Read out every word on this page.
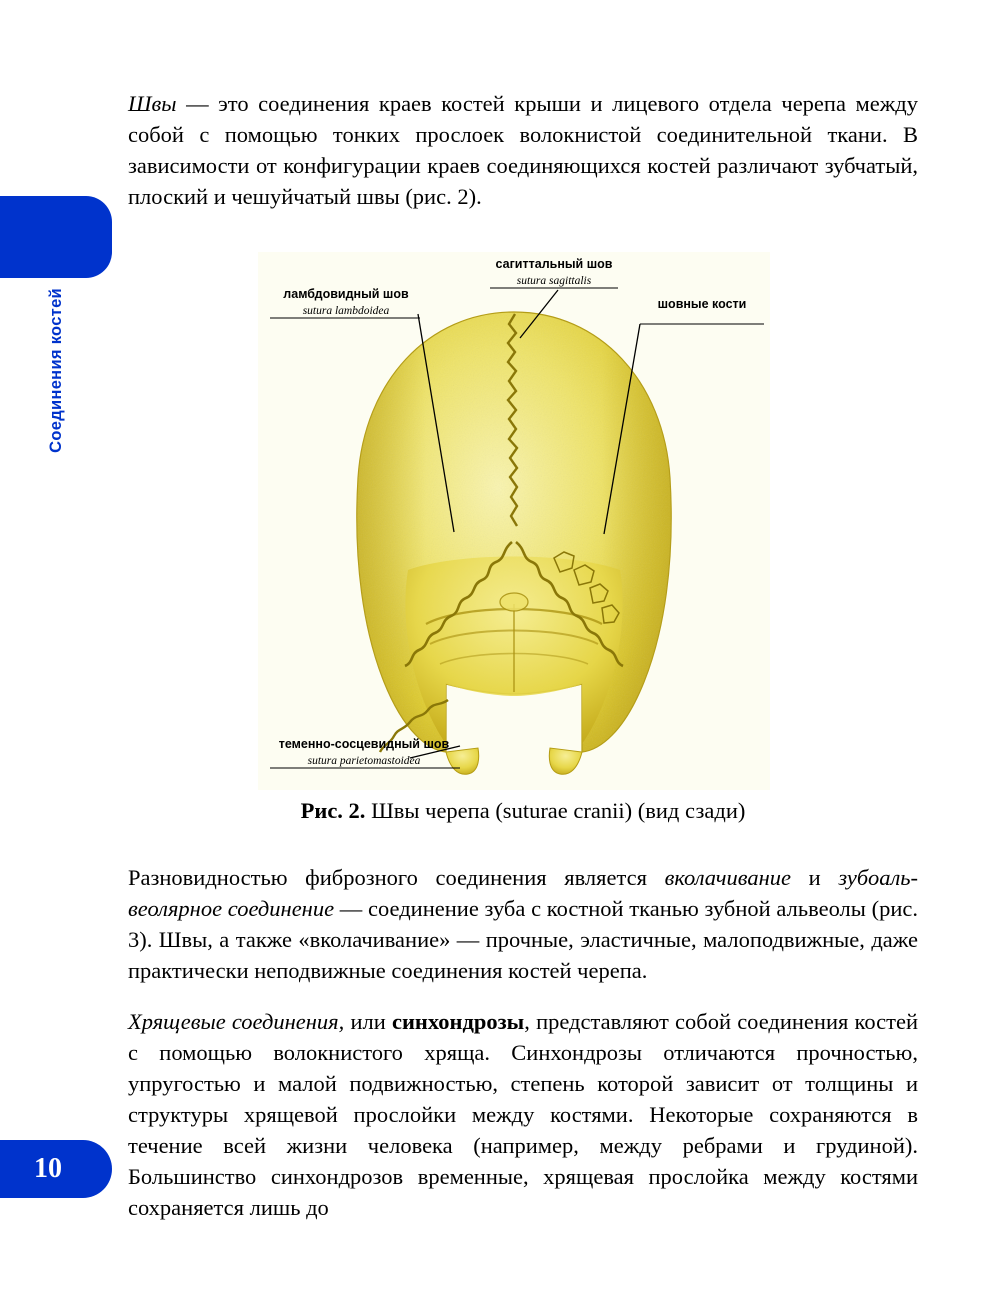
Соединения костей
10

Швы — это соединения краев костей крыши и лицевого отдела черепа между собой с помощью тонких прослоек волокнистой соединительной ткани. В зависимости от конфигурации краев соединяющихся костей различают зубчатый, плоский и чешуйчатый швы (рис. 2).

сагиттальный шов
sutura sagittalis
ламбдовидный шов
sutura lambdoidea	шовные кости
теменно-сосцевидный шов
sutura parietomastoidea
Рис. 2. Швы черепа (suturae cranii) (вид сзади)

Разновидностью фиброзного соединения является вколачивание и зубоаль-веолярное соединение — соединение зуба с костной тканью зубной альвеолы (рис. 3). Швы, а также «вколачивание» — прочные, эластичные, малоподвижные, даже практически неподвижные соединения костей черепа.

Хрящевые соединения, или синхондрозы, представляют собой соединения костей с помощью волокнистого хряща. Синхондрозы отличаются прочностью, упругостью и малой подвижностью, степень которой зависит от толщины и структуры хрящевой прослойки между костями. Некоторые сохраняются в течение всей жизни человека (например, между ребрами и грудиной). Большинство синхондрозов временные, хрящевая прослойка между костями сохраняется лишь до
